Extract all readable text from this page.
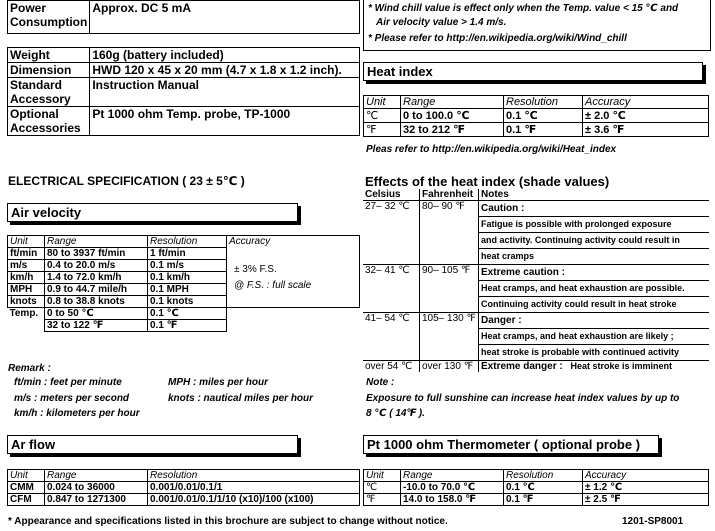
Power
Consumption	Approx. DC 5 mA

Weight	160g (battery included)
Dimension	HWD 120 x 45 x 20 mm (4.7 x 1.8 x 1.2 inch).
Standard
Accessory	Instruction Manual
Optional
Accessories	Pt 1000 ohm Temp. probe, TP-1000
* Wind chill value is effect only when the Temp. value < 15 ℃ and
Air velocity value > 1.4 m/s.
* Please refer to http://en.wikipedia.org/wiki/Wind_chill
Heat index
Unit	Range	Resolution	Accuracy
℃	0 to 100.0 ℃	0.1 ℃	± 2.0 ℃
℉	32 to 212 ℉	0.1 ℉	± 3.6 ℉
Pleas refer to http://en.wikipedia.org/wiki/Heat_index
ELECTRICAL SPECIFICATION ( 23 ± 5℃ )
Air velocity
Unit	Range	Resolution	Accuracy
ft/min	80 to 3937 ft/min	1 ft/min	± 3% F.S.
@ F.S. : full scale

m/s	0.4 to 20.0 m/s	0.1 m/s	
km/h	1.4 to 72.0 km/h	0.1 km/h	
MPH	0.9 to 44.7 mile/h	0.1 MPH	
knots	0.8 to 38.8 knots	0.1 knots	
Temp.	0 to 50 ℃	0.1 ℃	
	32 to 122 ℉	0.1 ℉	
Remark :
ft/min : feet per minute	MPH : miles per hour
m/s : meters per second	knots : nautical miles per hour
km/h : kilometers per hour
Effects of the heat index (shade values)
Celsius	Fahrenheit	Notes
27– 32 ℃	80– 90 ℉	Caution :
Fatigue is possible with prolonged exposure
and activity. Continuing activity could result in
heat cramps

32– 41 ℃	90– 105 ℉	Extreme caution :
Heat cramps, and heat exhaustion are possible.
Continuing activity could result in heat stroke

41– 54 ℃	105– 130 ℉	Danger :
Heat cramps, and heat exhaustion are likely ;
heat stroke is probable with continued activity

over 54 ℃	over 130 ℉	Extreme danger : Heat stroke is imminent
Note :
Exposure to full sunshine can increase heat index values by up to
8 ℃ ( 14℉ ).
Ar flow
Unit	Range	Resolution
CMM	0.024 to 36000	0.001/0.01/0.1/1
CFM	0.847 to 1271300	0.001/0.01/0.1/1/10 (x10)/100 (x100)
Pt 1000 ohm Thermometer ( optional probe )
Unit	Range	Resolution	Accuracy
℃	-10.0 to 70.0 ℃	0.1 ℃	± 1.2 ℃
℉	14.0 to 158.0 ℉	0.1 ℉	± 2.5 ℉
* Appearance and specifications listed in this brochure are subject to change without notice.	1201-SP8001
